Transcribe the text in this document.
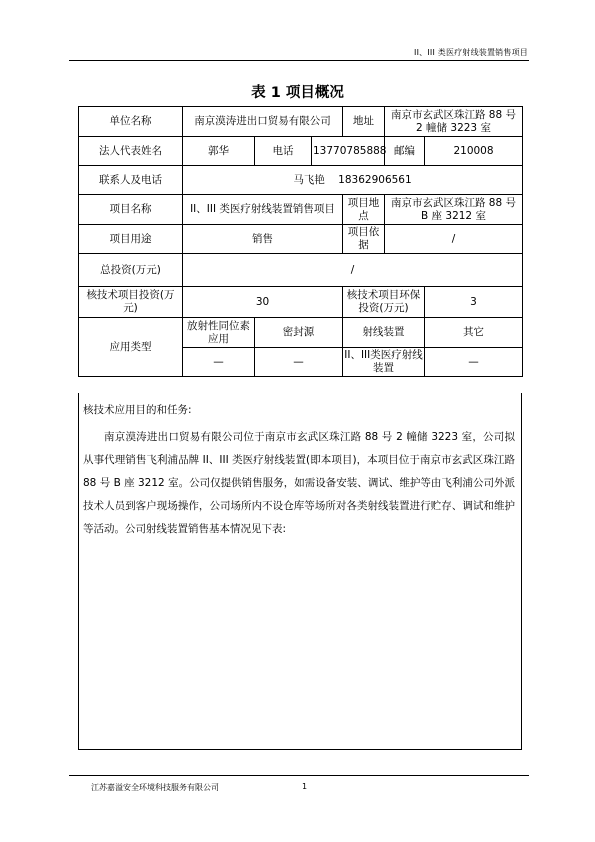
II、III 类医疗射线装置销售项目
表 1 项目概况
单位名称	南京漠涛进出口贸易有限公司			地址	南京市玄武区珠江路 88 号 2 幢储 3223 室	
法人代表姓名	郭华	电话	13770785888		邮编	210008
联系人及电话	马飞艳    18362906561					
项目名称	II、III 类医疗射线装置销售项目			项目地点	南京市玄武区珠江路 88 号 B 座 3212 室	
项目用途	销售			项目依据	/	
总投资(万元)	/					
核技术项目投资(万元)	30			核技术项目环保投资(万元)		3
应用类型	放射性同位素应用	密封源		射线装置		其它
	—	—		II、III类医疗射线装置		—
核技术应用目的和任务:
南京漠涛进出口贸易有限公司位于南京市玄武区珠江路 88 号 2 幢储 3223 室，公司拟从事代理销售飞利浦品牌 II、III 类医疗射线装置(即本项目)，本项目位于南京市玄武区珠江路 88 号 B 座 3212 室。公司仅提供销售服务，如需设备安装、调试、维护等由飞利浦公司外派技术人员到客户现场操作，公司场所内不设仓库等场所对各类射线装置进行贮存、调试和维护等活动。公司射线装置销售基本情况见下表:
江苏嘉溢安全环境科技服务有限公司	1
